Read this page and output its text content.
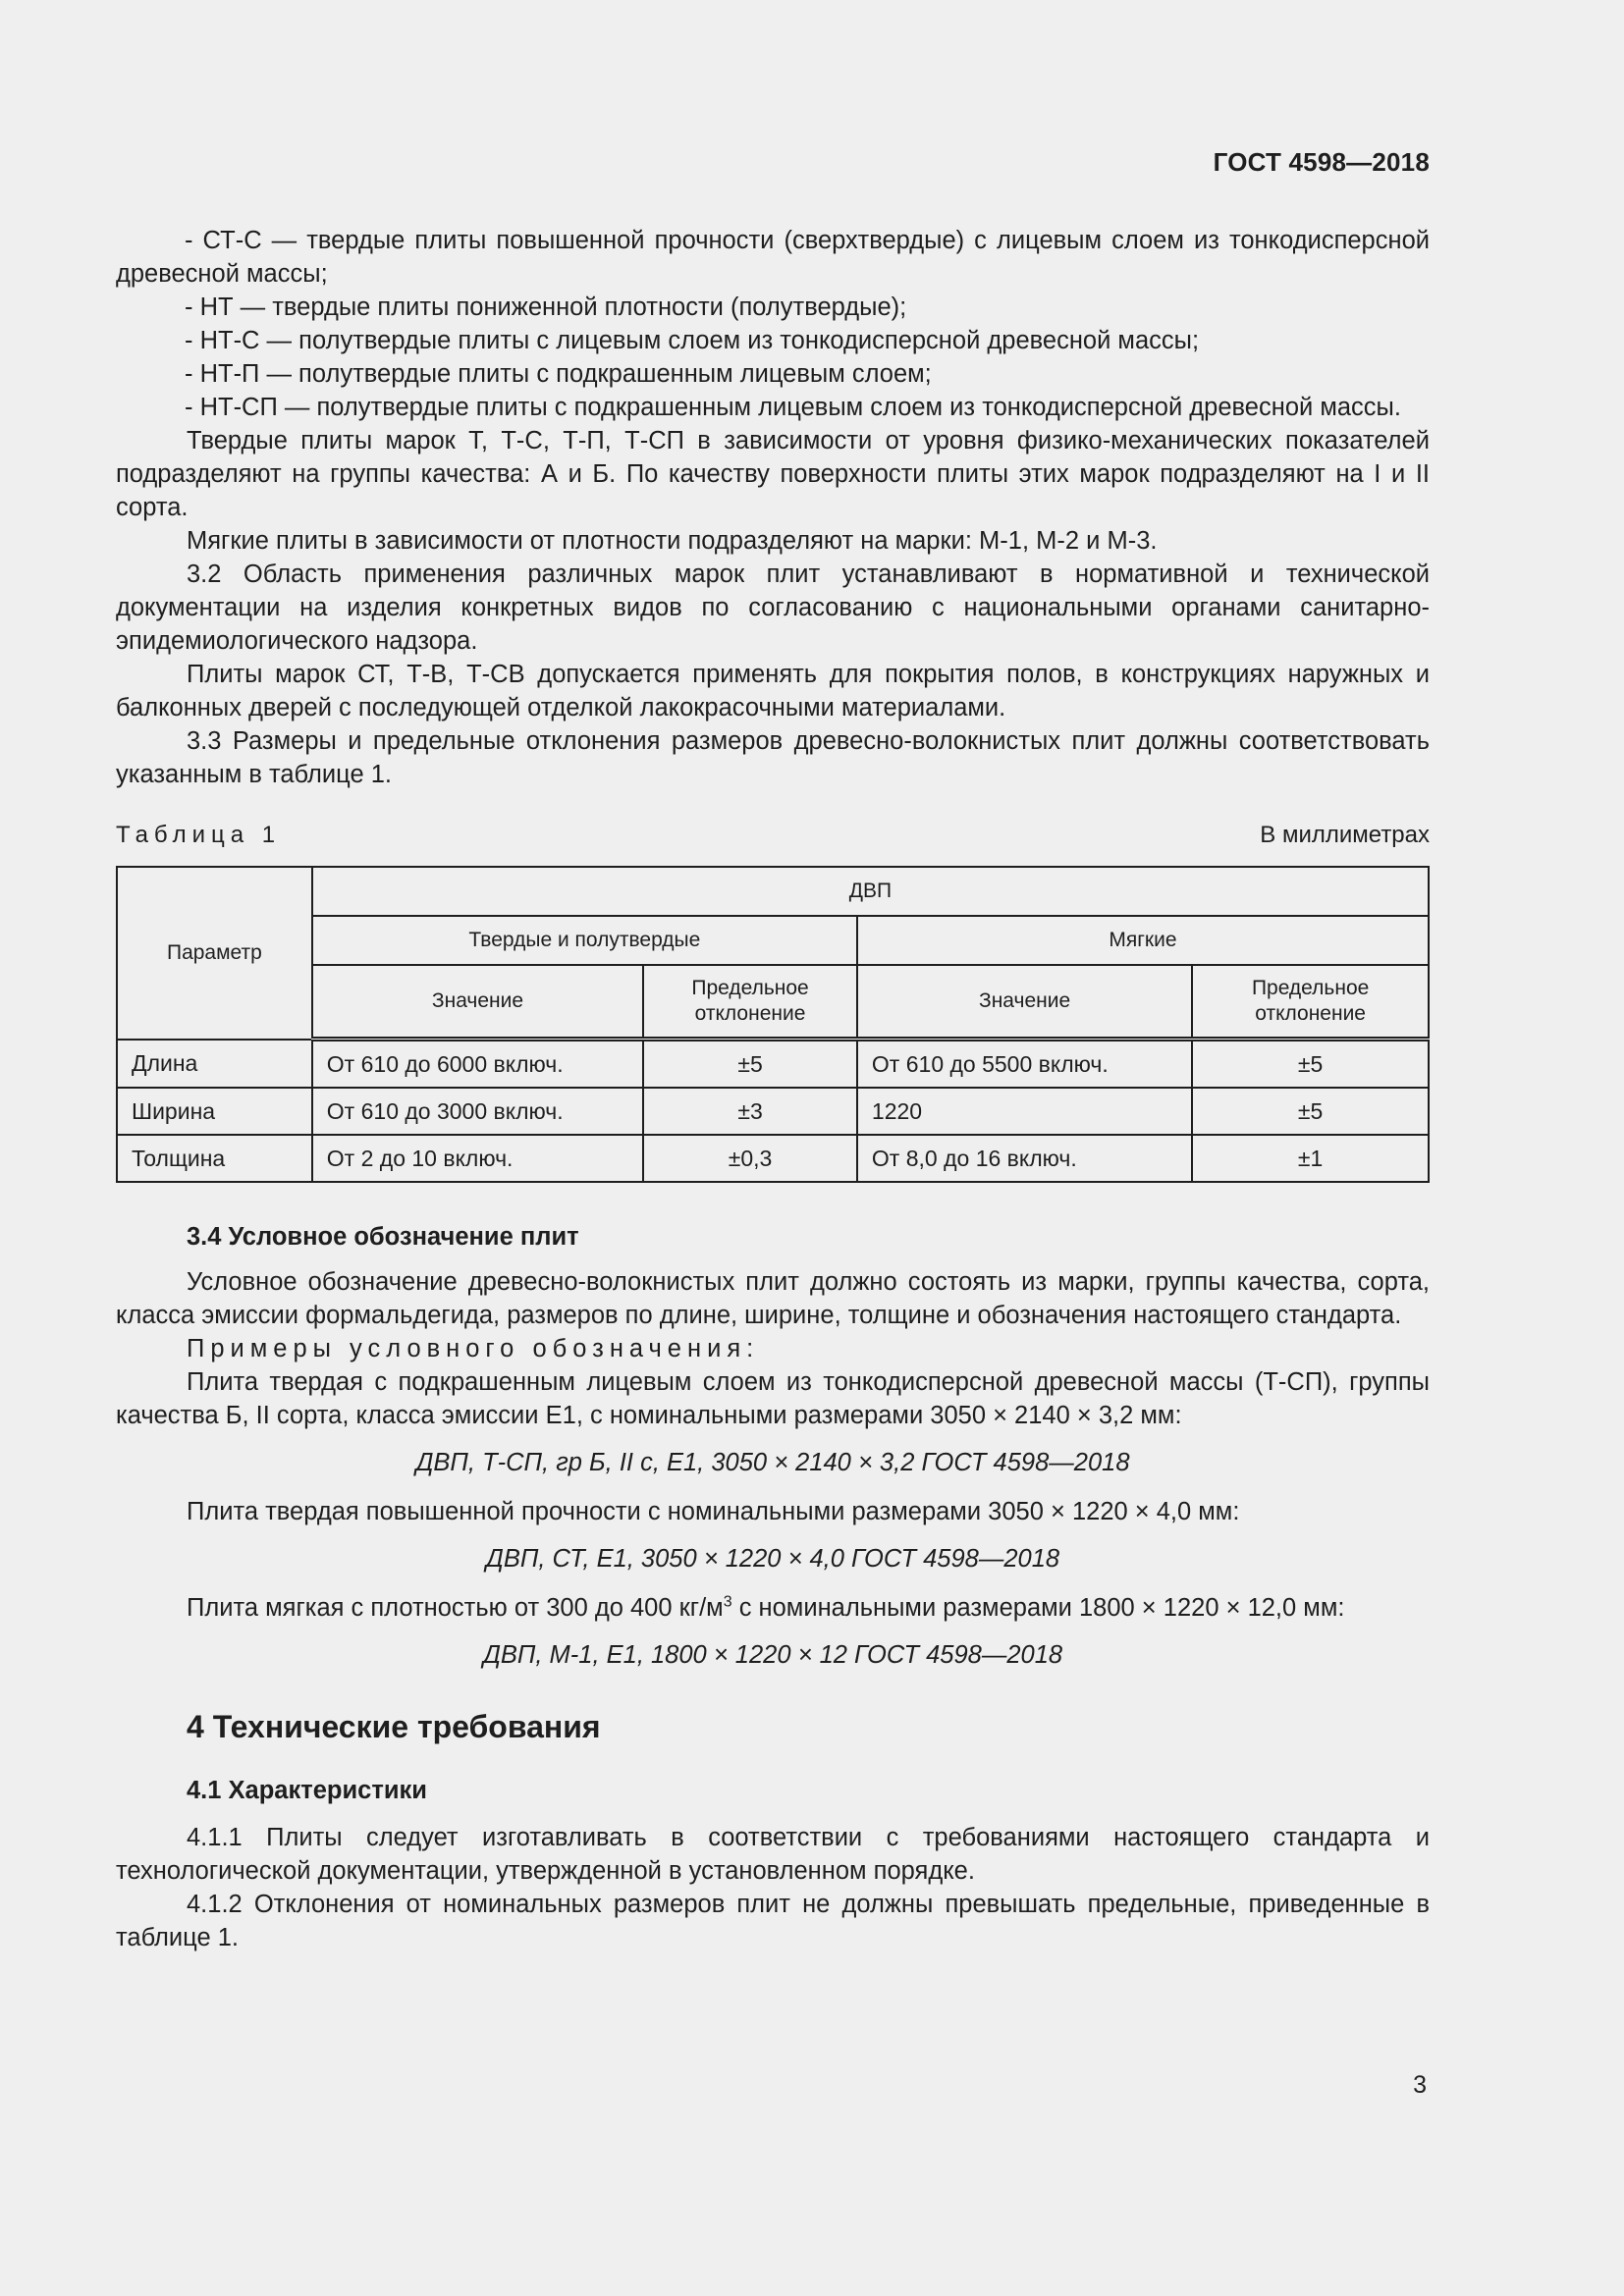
ГОСТ 4598—2018

- СТ-С — твердые плиты повышенной прочности (сверхтвердые) с лицевым слоем из тонкодисперсной древесной массы;

- НТ — твердые плиты пониженной плотности (полутвердые);

- НТ-С — полутвердые плиты с лицевым слоем из тонкодисперсной древесной массы;

- НТ-П — полутвердые плиты с подкрашенным лицевым слоем;

- НТ-СП — полутвердые плиты с подкрашенным лицевым слоем из тонкодисперсной древесной массы.

Твердые плиты марок Т, Т-С, Т-П, Т-СП в зависимости от уровня физико-механических показателей подразделяют на группы качества: А и Б. По качеству поверхности плиты этих марок подразделяют на I и II сорта.

Мягкие плиты в зависимости от плотности подразделяют на марки: М-1, М-2 и М-3.

3.2 Область применения различных марок плит устанавливают в нормативной и технической документации на изделия конкретных видов по согласованию с национальными органами санитарно-эпидемиологического надзора.

Плиты марок СТ, Т-В, Т-СВ допускается применять для покрытия полов, в конструкциях наружных и балконных дверей с последующей отделкой лакокрасочными материалами.

3.3 Размеры и предельные отклонения размеров древесно-волокнистых плит должны соответствовать указанным в таблице 1.

Таблица 1	В миллиметрах
Параметр	ДВП			
	Твердые и полутвердые		Мягкие	
	Значение	Предельное отклонение	Значение	Предельное отклонение
Длина	От 610 до 6000 включ.	±5	От 610 до 5500 включ.	±5
Ширина	От 610 до 3000 включ.	±3	1220	±5
Толщина	От 2 до 10 включ.	±0,3	От 8,0 до 16 включ.	±1

3.4 Условное обозначение плит

Условное обозначение древесно-волокнистых плит должно состоять из марки, группы качества, сорта, класса эмиссии формальдегида, размеров по длине, ширине, толщине и обозначения настоящего стандарта.

Примеры условного обозначения:

Плита твердая с подкрашенным лицевым слоем из тонкодисперсной древесной массы (Т-СП), группы качества Б, II сорта, класса эмиссии Е1, с номинальными размерами 3050 × 2140 × 3,2 мм:

ДВП, Т-СП, гр Б, II с, Е1, 3050 × 2140 × 3,2 ГОСТ 4598—2018

Плита твердая повышенной прочности с номинальными размерами 3050 × 1220 × 4,0 мм:

ДВП, СТ, Е1, 3050 × 1220 × 4,0 ГОСТ 4598—2018

Плита мягкая с плотностью от 300 до 400 $кг/м^3$ с номинальными размерами 1800 × 1220 × 12,0 мм:

ДВП, М-1, Е1, 1800 × 1220 × 12 ГОСТ 4598—2018

4 Технические требования

4.1 Характеристики

4.1.1 Плиты следует изготавливать в соответствии с требованиями настоящего стандарта и технологической документации, утвержденной в установленном порядке.

4.1.2 Отклонения от номинальных размеров плит не должны превышать предельные, приведенные в таблице 1.

3
